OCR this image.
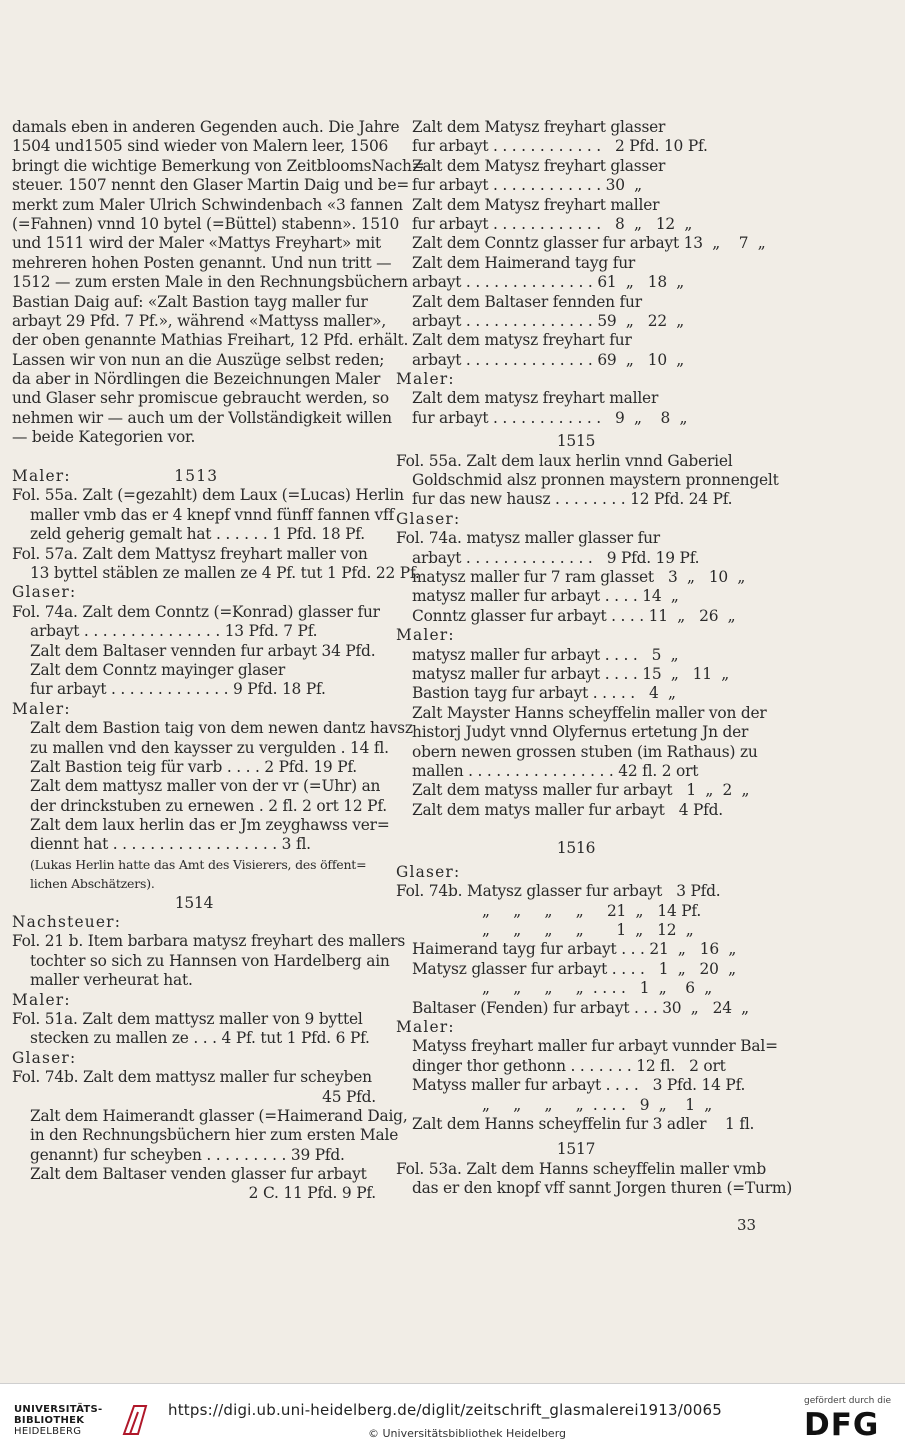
damals eben in anderen Gegenden auch. Die Jahre
1504 und1505 sind wieder von Malern leer, 1506
bringt die wichtige Bemerkung von ZeitbloomsNach=
steuer. 1507 nennt den Glaser Martin Daig und be=
merkt zum Maler Ulrich Schwindenbach «3 fannen
(=Fahnen) vnnd 10 bytel (=Büttel) stabenn». 1510
und 1511 wird der Maler «Mattys Freyhart» mit
mehreren hohen Posten genannt. Und nun tritt —
1512 — zum ersten Male in den Rechnungsbüchern
Bastian Daig auf: «Zalt Bastion tayg maller fur
arbayt 29 Pfd. 7 Pf.», während «Mattyss maller»,
der oben genannte Mathias Freihart, 12 Pfd. erhält.
Lassen wir von nun an die Auszüge selbst reden;
da aber in Nördlingen die Bezeichnungen Maler
und Glaser sehr promiscue gebraucht werden, so
nehmen wir — auch um der Vollständigkeit willen
— beide Kategorien vor.
Maler:                 1513
Fol. 55a. Zalt (=gezahlt) dem Laux (=Lucas) Herlin
maller vmb das er 4 knepf vnnd fünff fannen vff
zeld geherig gemalt hat . . . . . . 1 Pfd. 18 Pf.
Fol. 57a. Zalt dem Mattysz freyhart maller von
13 byttel stäblen ze mallen ze 4 Pf. tut 1 Pfd. 22 Pf.
Glaser:
Fol. 74a. Zalt dem Conntz (=Konrad) glasser fur
arbayt . . . . . . . . . . . . . . . 13 Pfd. 7 Pf.
Zalt dem Baltaser vennden fur arbayt 34 Pfd.
Zalt dem Conntz mayinger glaser
fur arbayt . . . . . . . . . . . . . 9 Pfd. 18 Pf.
Maler:
Zalt dem Bastion taig von dem newen dantz havsz
zu mallen vnd den kaysser zu vergulden . 14 fl.
Zalt Bastion teig für varb . . . . 2 Pfd. 19 Pf.
Zalt dem mattysz maller von der vr (=Uhr) an
der drinckstuben zu ernewen . 2 fl. 2 ort 12 Pf.
Zalt dem laux herlin das er Jm zeyghawss ver=
diennt hat . . . . . . . . . . . . . . . . . . 3 fl.
(Lukas Herlin hatte das Amt des Visierers, des öffent=
lichen Abschätzers).
1514
Nachsteuer:
Fol. 21 b. Item barbara matysz freyhart des mallers
tochter so sich zu Hannsen von Hardelberg ain
maller verheurat hat.
Maler:
Fol. 51a. Zalt dem mattysz maller von 9 byttel
stecken zu mallen ze . . . 4 Pf. tut 1 Pfd. 6 Pf.
Glaser:
Fol. 74b. Zalt dem mattysz maller fur scheyben
45 Pfd.
Zalt dem Haimerandt glasser (=Haimerand Daig,
in den Rechnungsbüchern hier zum ersten Male
genannt) fur scheyben . . . . . . . . . 39 Pfd.
Zalt dem Baltaser venden glasser fur arbayt
2 C. 11 Pfd. 9 Pf.
Zalt dem Matysz freyhart glasser
fur arbayt . . . . . . . . . . . .   2 Pfd. 10 Pf.
Zalt dem Matysz freyhart glasser
fur arbayt . . . . . . . . . . . . 30  „
Zalt dem Matysz freyhart maller
fur arbayt . . . . . . . . . . . .   8  „   12  „
Zalt dem Conntz glasser fur arbayt 13  „    7  „
Zalt dem Haimerand tayg fur
arbayt . . . . . . . . . . . . . . 61  „   18  „
Zalt dem Baltaser fennden fur
arbayt . . . . . . . . . . . . . . 59  „   22  „
Zalt dem matysz freyhart fur
arbayt . . . . . . . . . . . . . . 69  „   10  „
Maler:
Zalt dem matysz freyhart maller
fur arbayt . . . . . . . . . . . .   9  „    8  „
1515
Fol. 55a. Zalt dem laux herlin vnnd Gaberiel
Goldschmid alsz pronnen maystern pronnengelt
fur das new hausz . . . . . . . . 12 Pfd. 24 Pf.
Glaser:
Fol. 74a. matysz maller glasser fur
arbayt . . . . . . . . . . . . . .   9 Pfd. 19 Pf.
matysz maller fur 7 ram glasset   3  „   10  „
matysz maller fur arbayt . . . . 14  „
Conntz glasser fur arbayt . . . . 11  „   26  „
Maler:
matysz maller fur arbayt . . . .   5  „
matysz maller fur arbayt . . . . 15  „   11  „
Bastion tayg fur arbayt . . . . .   4  „
Zalt Mayster Hanns scheyffelin maller von der
historj Judyt vnnd Olyfernus ertetung Jn der
obern newen grossen stuben (im Rathaus) zu
mallen . . . . . . . . . . . . . . . . 42 fl. 2 ort
Zalt dem matyss maller fur arbayt   1  „  2  „
Zalt dem matys maller fur arbayt   4 Pfd.
1516
Glaser:
Fol. 74b. Matysz glasser fur arbayt   3 Pfd.
„     „     „     „     21  „   14 Pf.
„     „     „     „       1  „   12  „
Haimerand tayg fur arbayt . . . 21  „   16  „
Matysz glasser fur arbayt . . . .   1  „   20  „
„     „     „     „  . . . .   1  „    6  „
Baltaser (Fenden) fur arbayt . . . 30  „   24  „
Maler:
Matyss freyhart maller fur arbayt vunnder Bal=
dinger thor gethonn . . . . . . . 12 fl.   2 ort
Matyss maller fur arbayt . . . .   3 Pfd. 14 Pf.
„     „     „     „  . . . .   9  „    1  „
Zalt dem Hanns scheyffelin fur 3 adler    1 fl.
1517
Fol. 53a. Zalt dem Hanns scheyffelin maller vmb
das er den knopf vff sannt Jorgen thuren (=Turm)
33
UNIVERSITÄTS-
BIBLIOTHEK
HEIDELBERG
https://digi.ub.uni-heidelberg.de/diglit/zeitschrift_glasmalerei1913/0065
© Universitätsbibliothek Heidelberg
gefördert durch die
DFG
